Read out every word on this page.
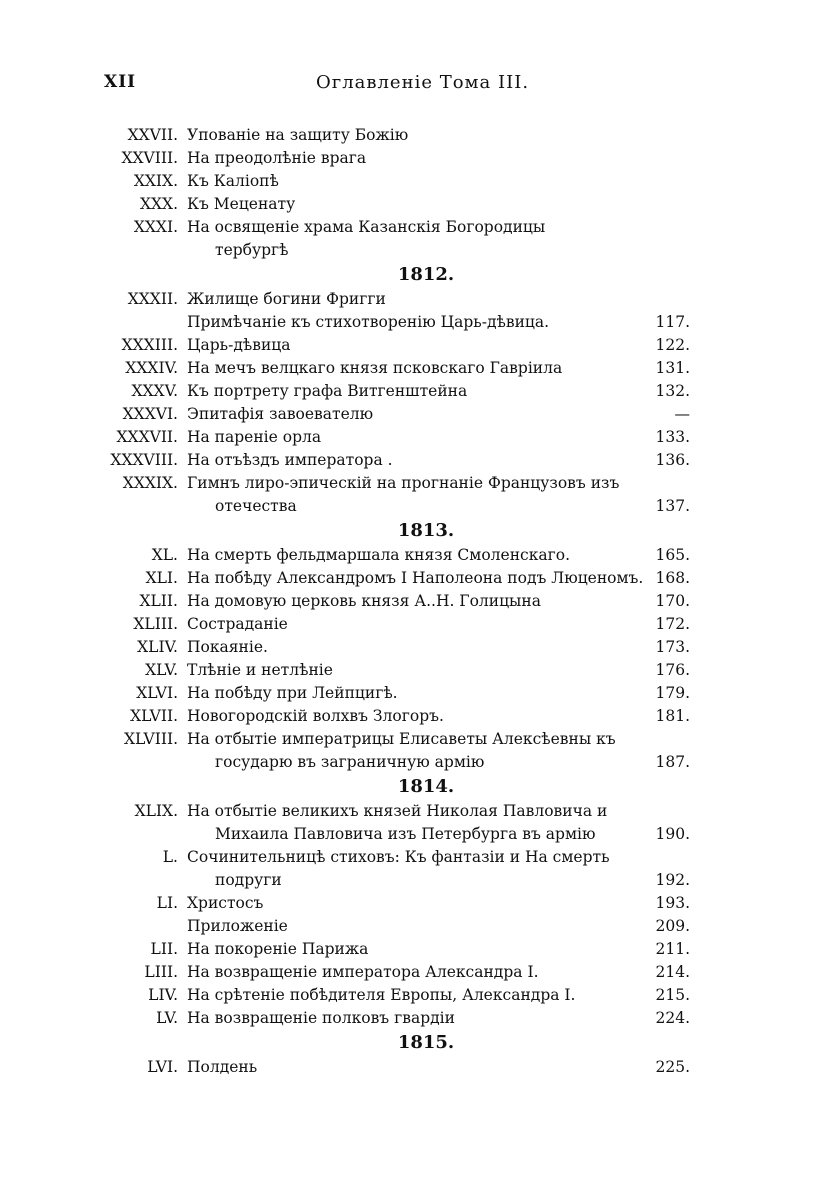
XII	Оглавленіе Тома III.
XXVII. Упованіе на защиту Божію
XXVIII. На преодолѣніе врага
XXIX. Къ Каліопѣ
XXX. Къ Меценату
XXXI. На освященіе храма Казанскія Богородицы
тербургѣ
1812.
XXXII. Жилище богини Фригги
Примѣчаніе къ стихотворенію Царь-дѣвица.	117.
XXXIII. Царь-дѣвица	122.
XXXIV. На мечъ велцкаго князя псковскаго Гавріила	131.
XXXV. Къ портрету графа Витгенштейна	132.
XXXVI. Эпитафія завоевателю	—
XXXVII. На пареніе орла	133.
XXXVIII. На отъѣздъ императора .	136.
XXXIX. Гимнъ лиро-эпическій на прогнаніе Французовъ изъ
отечества	137.
1813.
XL. На смерть фельдмаршала князя Смоленскаго.	165.
XLI. На побѣду Александромъ I Наполеона подъ Люценомъ. 168.
XLII. На домовую церковь князя А..Н. Голицына	170.
XLIII. Состраданіе	172.
XLIV. Покаяніе.	173.
XLV. Тлѣніе и нетлѣніе	176.
XLVI. На побѣду при Лейпцигѣ.	179.
XLVII. Новогородскій волхвъ Злогоръ.	181.
XLVIII. На отбытіе императрицы Елисаветы Алексѣевны къ
государю въ заграничную армію	187.
1814.
XLIX. На отбытіе великихъ князей Николая Павловича и
Михаила Павловича изъ Петербурга въ армію	190.
L. Сочинительницѣ стиховъ: Къ фантазіи и На смерть
подруги	192.
LI. Христосъ	193.
Приложеніе	209.
LII. На покореніе Парижа	211.
LIII. На возвращеніе императора Александра I.	214.
LIV. На срѣтеніе побѣдителя Европы, Александра I.	215.
LV. На возвращеніе полковъ гвардіи	224.
1815.
LVI. Полдень	225.
